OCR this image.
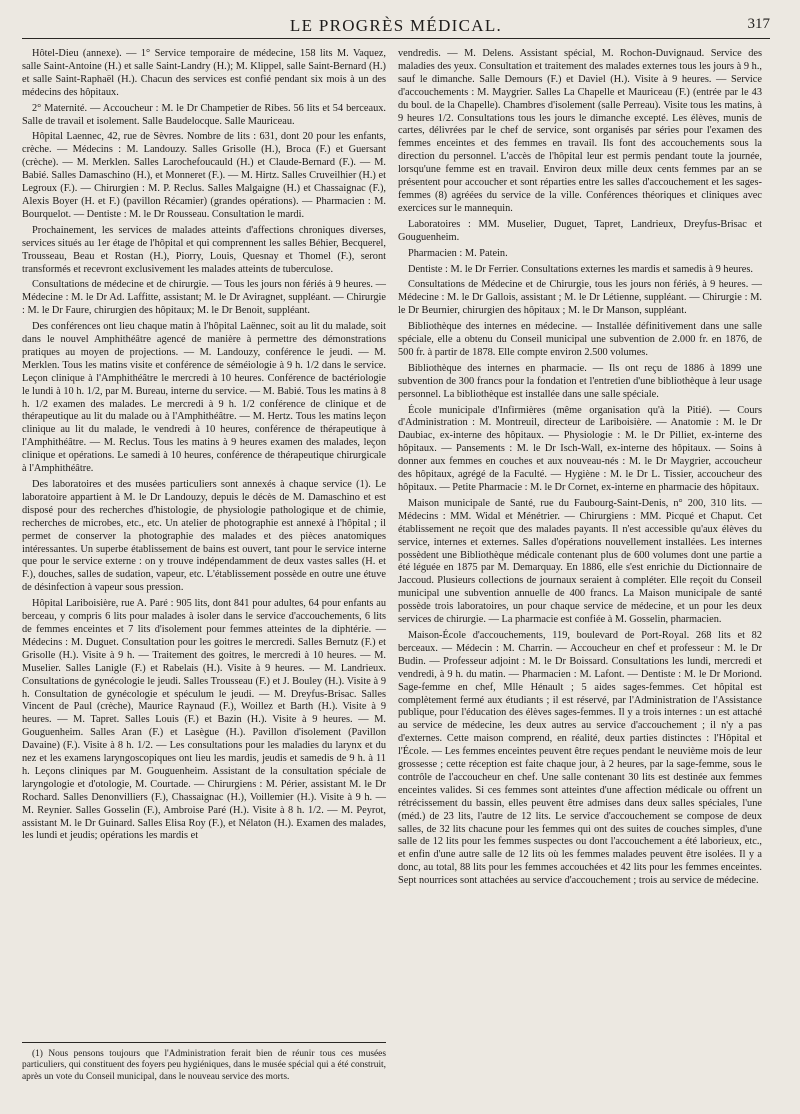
LE PROGRÈS MÉDICAL.	317

Hôtel-Dieu (annexe). — 1° Service temporaire de médecine, 158 lits M. Vaquez, salle Saint-Antoine (H.) et salle Saint-Landry (H.); M. Klippel, salle Saint-Bernard (H.) et salle Saint-Raphaël (H.). Chacun des services est confié pendant six mois à un des médecins des hôpitaux.

2° Maternité. — Accoucheur : M. le Dr Champetier de Ribes. 56 lits et 54 berceaux. Salle de travail et isolement. Salle Baudelocque. Salle Mauriceau.

Hôpital Laennec, 42, rue de Sèvres. Nombre de lits : 631, dont 20 pour les enfants, crèche. — Médecins : M. Landouzy. Salles Grisolle (H.), Broca (F.) et Guersant (crèche). — M. Merklen. Salles Larochefoucauld (H.) et Claude-Bernard (F.). — M. Babié. Salles Damaschino (H.), et Monneret (F.). — M. Hirtz. Salles Cruveilhier (H.) et Legroux (F.). — Chirurgien : M. P. Reclus. Salles Malgaigne (H.) et Chassaignac (F.), Alexis Boyer (H. et F.) (pavillon Récamier) (grandes opérations). — Pharmacien : M. Bourquelot. — Dentiste : M. le Dr Rousseau. Consultation le mardi.

Prochainement, les services de malades atteints d'affections chroniques diverses, services situés au 1er étage de l'hôpital et qui comprennent les salles Béhier, Becquerel, Trousseau, Beau et Rostan (H.), Piorry, Louis, Quesnay et Thomel (F.), seront transformés et recevront exclusivement les malades atteints de tuberculose.

Consultations de médecine et de chirurgie. — Tous les jours non fériés à 9 heures. — Médecine : M. le Dr Ad. Laffitte, assistant; M. le Dr Aviragnet, suppléant. — Chirurgie : M. le Dr Faure, chirurgien des hôpitaux; M. le Dr Benoit, suppléant.

Des conférences ont lieu chaque matin à l'hôpital Laënnec, soit au lit du malade, soit dans le nouvel Amphithéâtre agencé de manière à permettre des démonstrations pratiques au moyen de projections. — M. Landouzy, conférence le jeudi. — M. Merklen. Tous les matins visite et conférence de séméiologie à 9 h. 1/2 dans le service. Leçon clinique à l'Amphithéâtre le mercredi à 10 heures. Conférence de bactériologie le lundi à 10 h. 1/2, par M. Bureau, interne du service. — M. Babié. Tous les matins à 8 h. 1/2 examen des malades. Le mercredi à 9 h. 1/2 conférence de clinique et de thérapeutique au lit du malade ou à l'Amphithéâtre. — M. Hertz. Tous les matins leçon clinique au lit du malade, le vendredi à 10 heures, conférence de thérapeutique à l'Amphithéâtre. — M. Reclus. Tous les matins à 9 heures examen des malades, leçon clinique et opérations. Le samedi à 10 heures, conférence de thérapeutique chirurgicale à l'Amphithéâtre.

Des laboratoires et des musées particuliers sont annexés à chaque service (1). Le laboratoire appartient à M. le Dr Landouzy, depuis le décès de M. Damaschino et est disposé pour des recherches d'histologie, de physiologie pathologique et de chimie, recherches de microbes, etc., etc. Un atelier de photographie est annexé à l'hôpital ; il permet de conserver la photographie des malades et des pièces anatomiques intéressantes. Un superbe établissement de bains est ouvert, tant pour le service interne que pour le service externe : on y trouve indépendamment de deux vastes salles (H. et F.), douches, salles de sudation, vapeur, etc. L'établissement possède en outre une étuve de désinfection à vapeur sous pression.

Hôpital Lariboisière, rue A. Paré : 905 lits, dont 841 pour adultes, 64 pour enfants au berceau, y compris 6 lits pour malades à isoler dans le service d'accouchements, 6 lits de femmes enceintes et 7 lits d'isolement pour femmes atteintes de la diphtérie. — Médecins : M. Duguet. Consultation pour les goitres le mercredi. Salles Bernutz (F.) et Grisolle (H.). Visite à 9 h. — Traitement des goitres, le mercredi à 10 heures. — M. Muselier. Salles Lanigle (F.) et Rabelais (H.). Visite à 9 heures. — M. Landrieux. Consultations de gynécologie le jeudi. Salles Trousseau (F.) et J. Bouley (H.). Visite à 9 h. Consultation de gynécologie et spéculum le jeudi. — M. Dreyfus-Brisac. Salles Vincent de Paul (crèche), Maurice Raynaud (F.), Woillez et Barth (H.). Visite à 9 heures. — M. Tapret. Salles Louis (F.) et Bazin (H.). Visite à 9 heures. — M. Gouguenheim. Salles Aran (F.) et Lasègue (H.). Pavillon d'isolement (Pavillon Davaine) (F.). Visite à 8 h. 1/2. — Les consultations pour les maladies du larynx et du nez et les examens laryngoscopiques ont lieu les mardis, jeudis et samedis de 9 h. à 11 h. Leçons cliniques par M. Gouguenheim. Assistant de la consultation spéciale de laryngologie et d'otologie, M. Courtade. — Chirurgiens : M. Périer, assistant M. le Dr Rochard. Salles Denonvilliers (F.), Chassaignac (H.), Voillemier (H.). Visite à 9 h. — M. Reynier. Salles Gosselin (F.), Ambroise Paré (H.). Visite à 8 h. 1/2. — M. Peyrot, assistant M. le Dr Guinard. Salles Elisa Roy (F.), et Nélaton (H.). Examen des malades, les lundi et jeudis; opérations les mardis et

(1) Nous pensons toujours que l'Administration ferait bien de réunir tous ces musées particuliers, qui constituent des foyers peu hygiéniques, dans le musée spécial qui a été construit, après un vote du Conseil municipal, dans le nouveau service des morts.

vendredis. — M. Delens. Assistant spécial, M. Rochon-Duvignaud. Service des maladies des yeux. Consultation et traitement des malades externes tous les jours à 9 h., sauf le dimanche. Salle Demours (F.) et Daviel (H.). Visite à 9 heures. — Service d'accouchements : M. Maygrier. Salles La Chapelle et Mauriceau (F.) (entrée par le 43 du boul. de la Chapelle). Chambres d'isolement (salle Perreau). Visite tous les matins, à 9 heures 1/2. Consultations tous les jours le dimanche excepté. Les élèves, munis de cartes, délivrées par le chef de service, sont organisés par séries pour l'examen des femmes enceintes et des femmes en travail. Ils font des accouchements sous la direction du personnel. L'accès de l'hôpital leur est permis pendant toute la journée, lorsqu'une femme est en travail. Environ deux mille deux cents femmes par an se présentent pour accoucher et sont réparties entre les salles d'accouchement et les sages-femmes (8) agréées du service de la ville. Conférences théoriques et cliniques avec exercices sur le mannequin.

Laboratoires : MM. Muselier, Duguet, Tapret, Landrieux, Dreyfus-Brisac et Gouguenheim.

Pharmacien : M. Patein.

Dentiste : M. le Dr Ferrier. Consultations externes les mardis et samedis à 9 heures.

Consultations de Médecine et de Chirurgie, tous les jours non fériés, à 9 heures. — Médecine : M. le Dr Gallois, assistant ; M. le Dr Létienne, suppléant. — Chirurgie : M. le Dr Beurnier, chirurgien des hôpitaux ; M. le Dr Manson, suppléant.

Bibliothèque des internes en médecine. — Installée définitivement dans une salle spéciale, elle a obtenu du Conseil municipal une subvention de 2.000 fr. en 1876, de 500 fr. à partir de 1878. Elle compte environ 2.500 volumes.

Bibliothèque des internes en pharmacie. — Ils ont reçu de 1886 à 1899 une subvention de 300 francs pour la fondation et l'entretien d'une bibliothèque à leur usage personnel. La bibliothèque est installée dans une salle spéciale.

École municipale d'Infirmières (même organisation qu'à la Pitié). — Cours d'Administration : M. Montreuil, directeur de Lariboisière. — Anatomie : M. le Dr Daubiac, ex-interne des hôpitaux. — Physiologie : M. le Dr Pilliet, ex-interne des hôpitaux. — Pansements : M. le Dr Isch-Wall, ex-interne des hôpitaux. — Soins à donner aux femmes en couches et aux nouveau-nés : M. le Dr Maygrier, accoucheur des hôpitaux, agrégé de la Faculté. — Hygiène : M. le Dr L. Tissier, accoucheur des hôpitaux. — Petite Pharmacie : M. le Dr Cornet, ex-interne en pharmacie des hôpitaux.

Maison municipale de Santé, rue du Faubourg-Saint-Denis, n° 200, 310 lits. — Médecins : MM. Widal et Ménétrier. — Chirurgiens : MM. Picqué et Chaput. Cet établissement ne reçoit que des malades payants. Il n'est accessible qu'aux élèves du service, internes et externes. Salles d'opérations nouvellement installées. Les internes possèdent une Bibliothèque médicale contenant plus de 600 volumes dont une partie a été léguée en 1875 par M. Demarquay. En 1886, elle s'est enrichie du Dictionnaire de Jaccoud. Plusieurs collections de journaux seraient à compléter. Elle reçoit du Conseil municipal une subvention annuelle de 400 francs. La Maison municipale de santé possède trois laboratoires, un pour chaque service de médecine, et un pour les deux services de chirurgie. — La pharmacie est confiée à M. Gosselin, pharmacien.

Maison-École d'accouchements, 119, boulevard de Port-Royal. 268 lits et 82 berceaux. — Médecin : M. Charrin. — Accoucheur en chef et professeur : M. le Dr Budin. — Professeur adjoint : M. le Dr Boissard. Consultations les lundi, mercredi et vendredi, à 9 h. du matin. — Pharmacien : M. Lafont. — Dentiste : M. le Dr Moriond. Sage-femme en chef, Mlle Hénault ; 5 aides sages-femmes. Cet hôpital est complètement fermé aux étudiants ; il est réservé, par l'Administration de l'Assistance publique, pour l'éducation des élèves sages-femmes. Il y a trois internes : un est attaché au service de médecine, les deux autres au service d'accouchement ; il n'y a pas d'externes. Cette maison comprend, en réalité, deux parties distinctes : l'Hôpital et l'École. — Les femmes enceintes peuvent être reçues pendant le neuvième mois de leur grossesse ; cette réception est faite chaque jour, à 2 heures, par la sage-femme, sous le contrôle de l'accoucheur en chef. Une salle contenant 30 lits est destinée aux femmes enceintes valides. Si ces femmes sont atteintes d'une affection médicale ou offrent un rétrécissement du bassin, elles peuvent être admises dans deux salles spéciales, l'une (méd.) de 23 lits, l'autre de 12 lits. Le service d'accouchement se compose de deux salles, de 32 lits chacune pour les femmes qui ont des suites de couches simples, d'une salle de 12 lits pour les femmes suspectes ou dont l'accouchement a été laborieux, etc., et enfin d'une autre salle de 12 lits où les femmes malades peuvent être isolées. Il y a donc, au total, 88 lits pour les femmes accouchées et 42 lits pour les femmes enceintes. Sept nourrices sont attachées au service d'accouchement ; trois au service de médecine.
